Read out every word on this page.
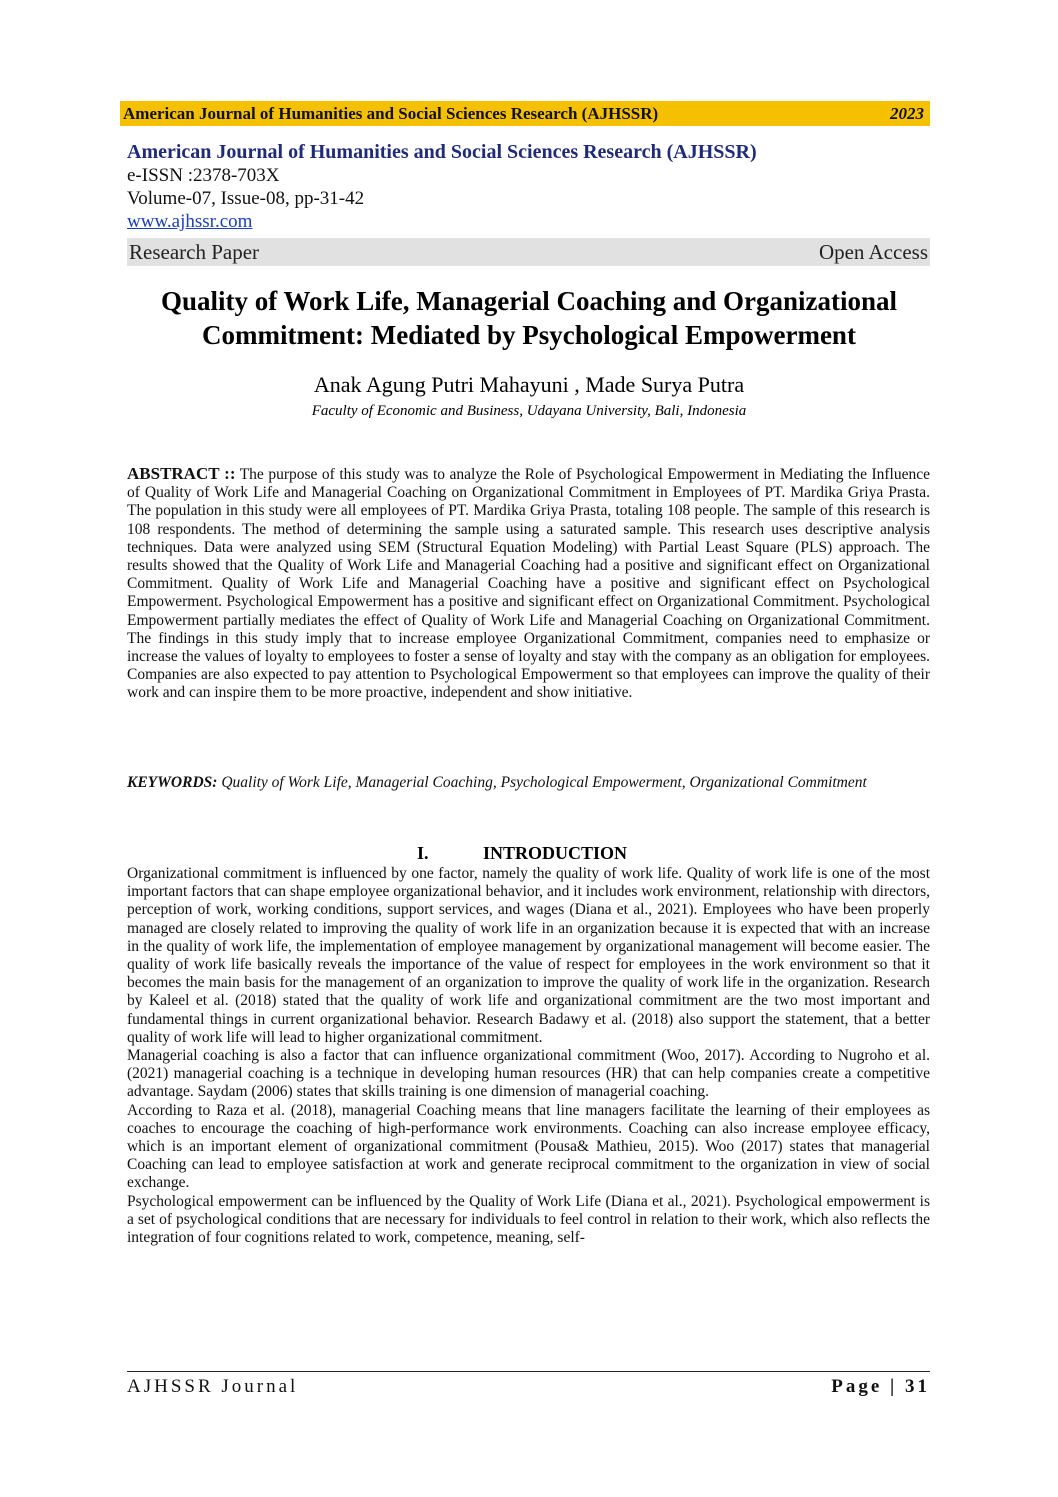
American Journal of Humanities and Social Sciences Research (AJHSSR)	2023
American Journal of Humanities and Social Sciences Research (AJHSSR)
e-ISSN :2378-703X
Volume-07, Issue-08, pp-31-42
www.ajhssr.com
Research Paper	Open Access
Quality of Work Life, Managerial Coaching and Organizational Commitment: Mediated by Psychological Empowerment
Anak Agung Putri Mahayuni , Made Surya Putra
Faculty of Economic and Business, Udayana University, Bali, Indonesia
ABSTRACT :: The purpose of this study was to analyze the Role of Psychological Empowerment in Mediating the Influence of Quality of Work Life and Managerial Coaching on Organizational Commitment in Employees of PT. Mardika Griya Prasta. The population in this study were all employees of PT. Mardika Griya Prasta, totaling 108 people. The sample of this research is 108 respondents. The method of determining the sample using a saturated sample. This research uses descriptive analysis techniques. Data were analyzed using SEM (Structural Equation Modeling) with Partial Least Square (PLS) approach. The results showed that the Quality of Work Life and Managerial Coaching had a positive and significant effect on Organizational Commitment. Quality of Work Life and Managerial Coaching have a positive and significant effect on Psychological Empowerment. Psychological Empowerment has a positive and significant effect on Organizational Commitment. Psychological Empowerment partially mediates the effect of Quality of Work Life and Managerial Coaching on Organizational Commitment. The findings in this study imply that to increase employee Organizational Commitment, companies need to emphasize or increase the values of loyalty to employees to foster a sense of loyalty and stay with the company as an obligation for employees. Companies are also expected to pay attention to Psychological Empowerment so that employees can improve the quality of their work and can inspire them to be more proactive, independent and show initiative.
KEYWORDS: Quality of Work Life, Managerial Coaching, Psychological Empowerment, Organizational Commitment
I.	INTRODUCTION

Organizational commitment is influenced by one factor, namely the quality of work life. Quality of work life is one of the most important factors that can shape employee organizational behavior, and it includes work environment, relationship with directors, perception of work, working conditions, support services, and wages (Diana et al., 2021). Employees who have been properly managed are closely related to improving the quality of work life in an organization because it is expected that with an increase in the quality of work life, the implementation of employee management by organizational management will become easier. The quality of work life basically reveals the importance of the value of respect for employees in the work environment so that it becomes the main basis for the management of an organization to improve the quality of work life in the organization. Research by Kaleel et al. (2018) stated that the quality of work life and organizational commitment are the two most important and fundamental things in current organizational behavior. Research Badawy et al. (2018) also support the statement, that a better quality of work life will lead to higher organizational commitment.

Managerial coaching is also a factor that can influence organizational commitment (Woo, 2017). According to Nugroho et al. (2021) managerial coaching is a technique in developing human resources (HR) that can help companies create a competitive advantage. Saydam (2006) states that skills training is one dimension of managerial coaching.

According to Raza et al. (2018), managerial Coaching means that line managers facilitate the learning of their employees as coaches to encourage the coaching of high-performance work environments. Coaching can also increase employee efficacy, which is an important element of organizational commitment (Pousa& Mathieu, 2015). Woo (2017) states that managerial Coaching can lead to employee satisfaction at work and generate reciprocal commitment to the organization in view of social exchange.

Psychological empowerment can be influenced by the Quality of Work Life (Diana et al., 2021). Psychological empowerment is a set of psychological conditions that are necessary for individuals to feel control in relation to their work, which also reflects the integration of four cognitions related to work, competence, meaning, self-

AJHSSR Journal	Page | 31
